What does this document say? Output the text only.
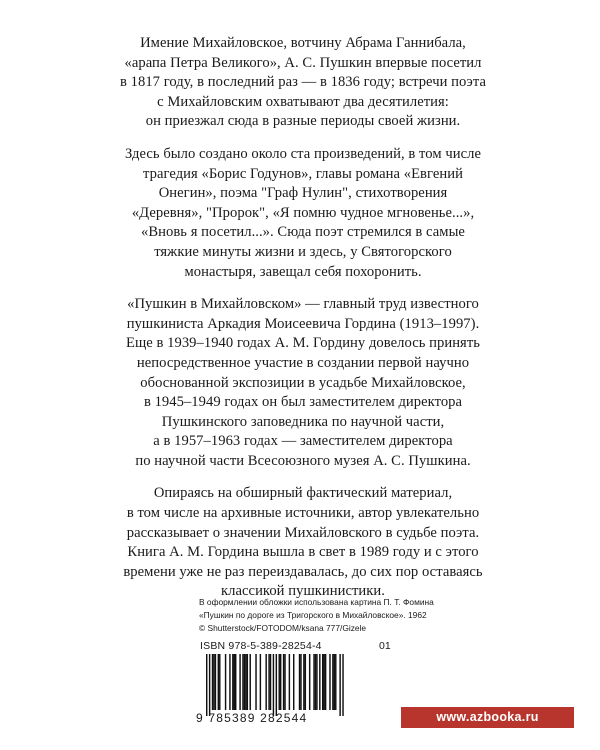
Имение Михайловское, вотчину Абрама Ганнибала,
«арапа Петра Великого», А. С. Пушкин впервые посетил
в 1817 году, в последний раз — в 1836 году; встречи поэта
с Михайловским охватывают два десятилетия:
он приезжал сюда в разные периоды своей жизни.

Здесь было создано около ста произведений, в том числе
трагедия «Борис Годунов», главы романа «Евгений
Онегин», поэма "Граф Нулин", стихотворения
«Деревня», "Пророк", «Я помню чудное мгновенье...»,
«Вновь я посетил...». Сюда поэт стремился в самые
тяжкие минуты жизни и здесь, у Святогорского
монастыря, завещал себя похоронить.

«Пушкин в Михайловском» — главный труд известного
пушкиниста Аркадия Моисеевича Гордина (1913–1997).
Еще в 1939–1940 годах А. М. Гордину довелось принять
непосредственное участие в создании первой научно
обоснованной экспозиции в усадьбе Михайловское,
в 1945–1949 годах он был заместителем директора
Пушкинского заповедника по научной части,
а в 1957–1963 годах — заместителем директора
по научной части Всесоюзного музея А. С. Пушкина.

Опираясь на обширный фактический материал,
в том числе на архивные источники, автор увлекательно
рассказывает о значении Михайловского в судьбе поэта.
Книга А. М. Гордина вышла в свет в 1989 году и с этого
времени уже не раз переиздавалась, до сих пор оставаясь
классикой пушкинистики.

В оформлении обложки использована картина П. Т. Фомина
«Пушкин по дороге из Тригорского в Михайловское». 1962
© Shutterstock/FOTODOM/ksana 777/Gizele
ISBN 978-5-389-28254-4	01
9 785389 282544	www.azbooka.ru
